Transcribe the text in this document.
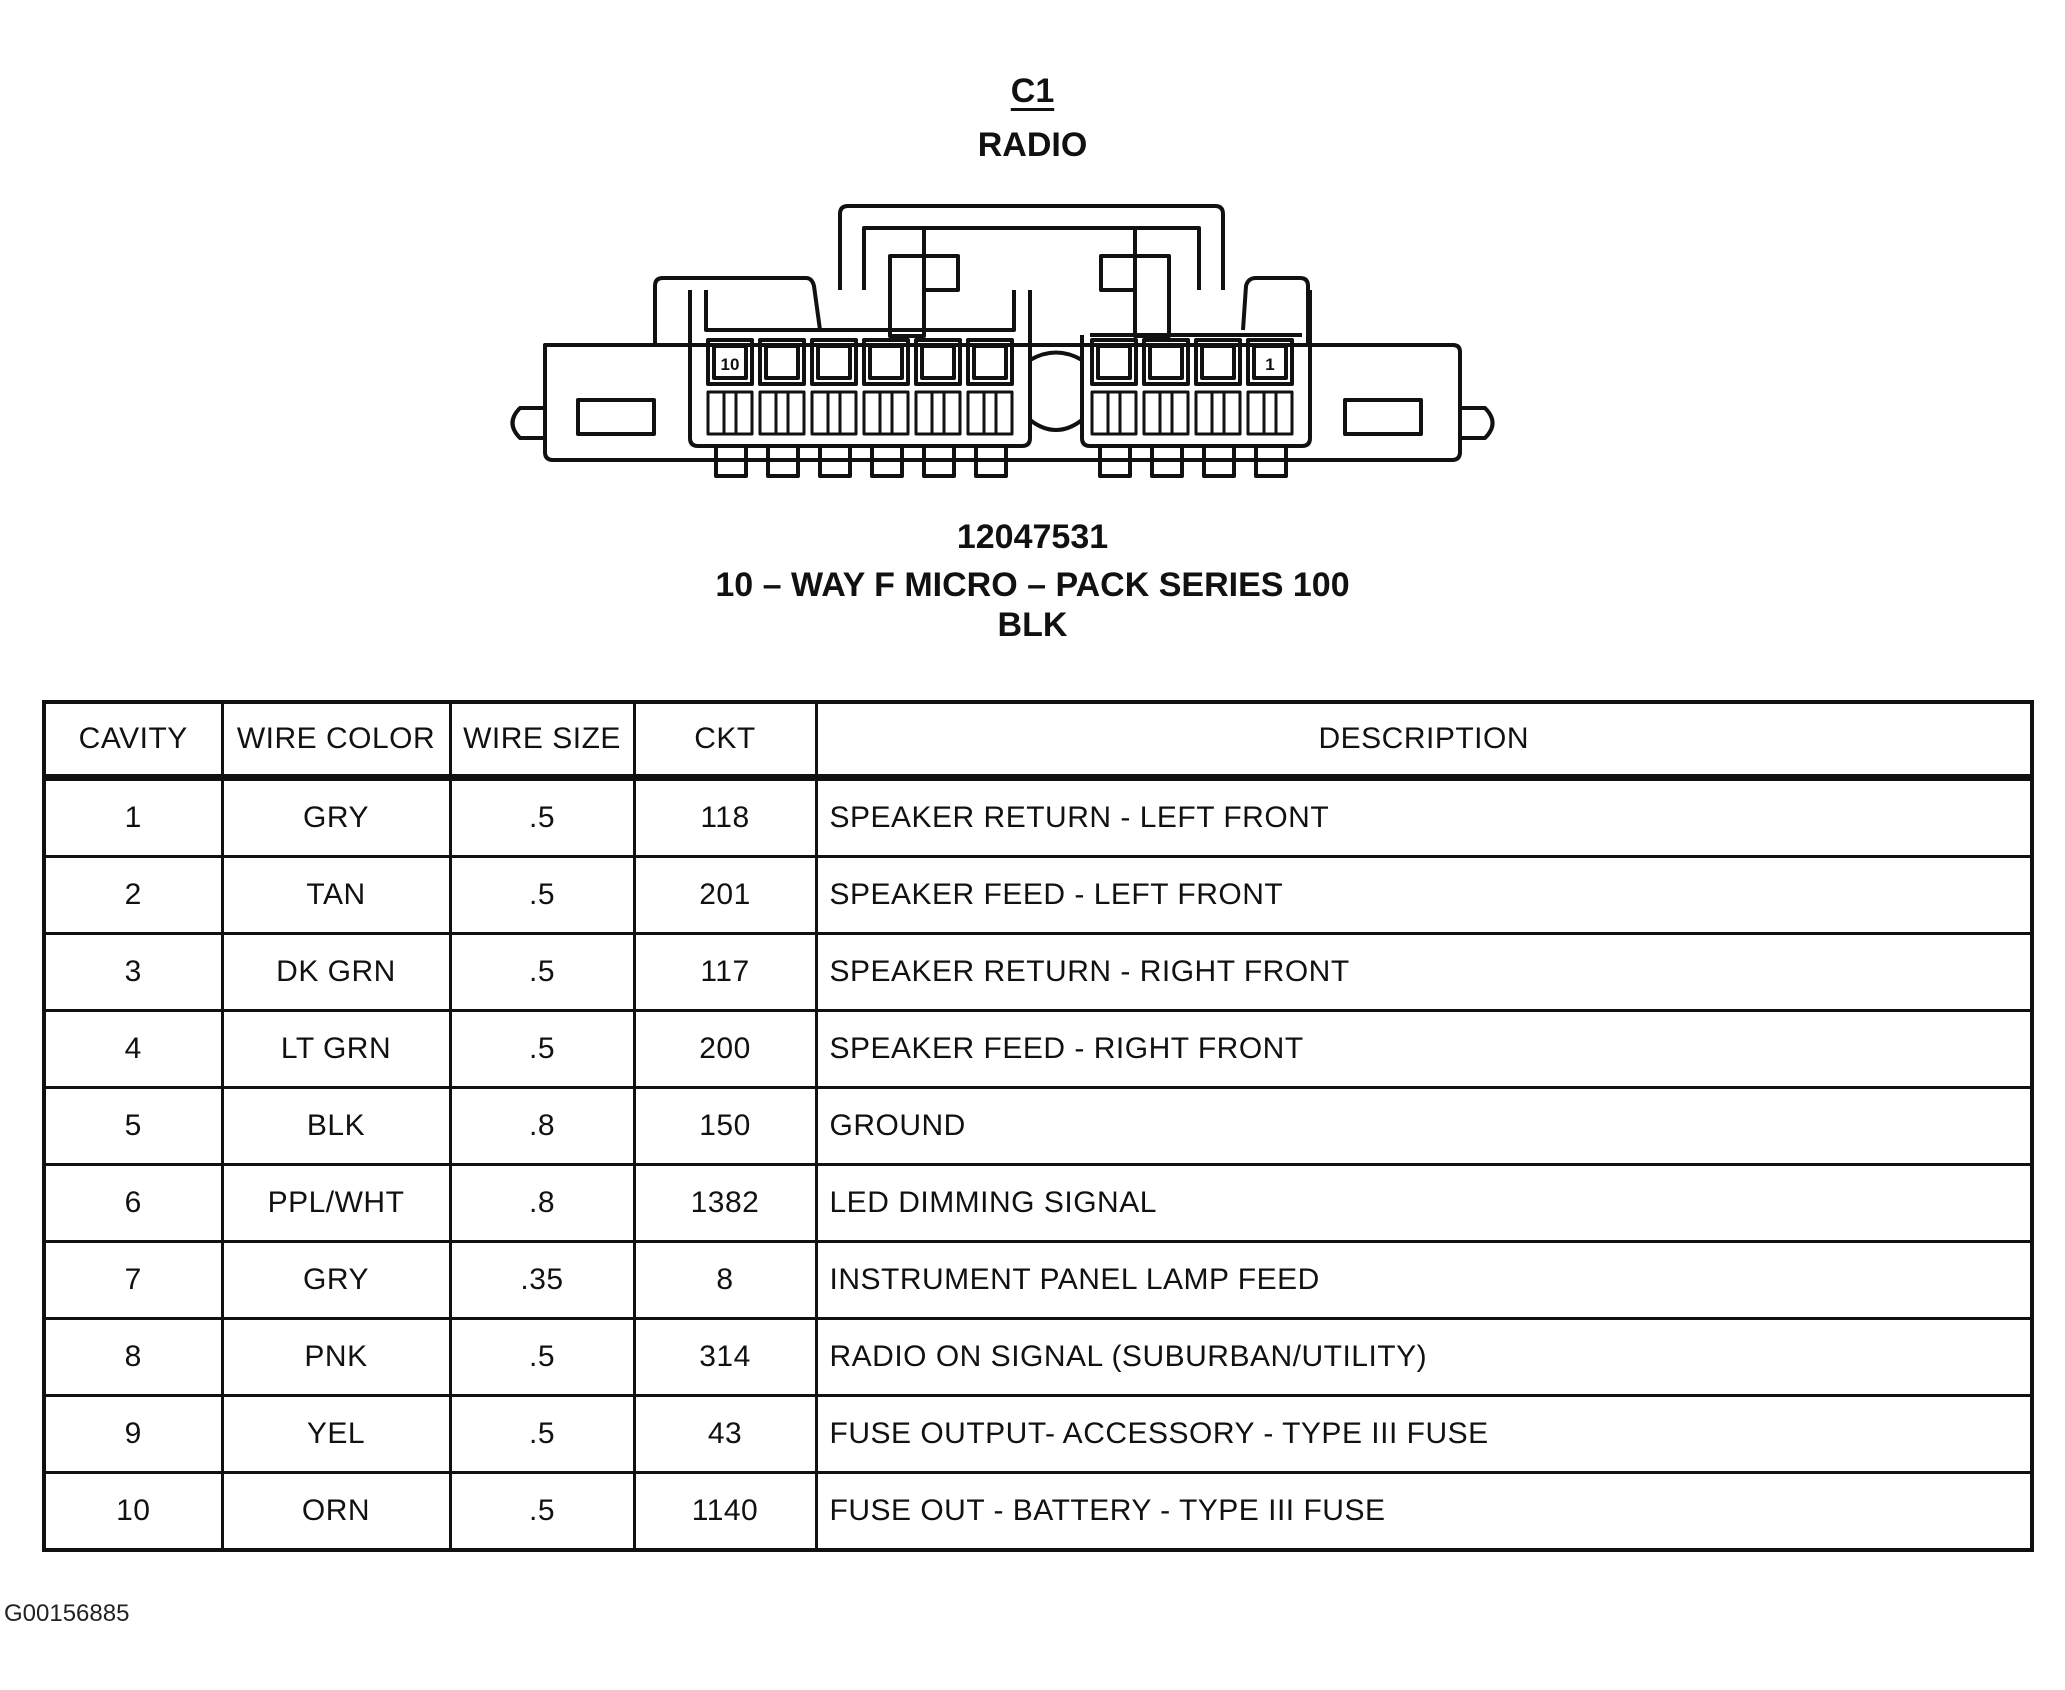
C1
RADIO
10	1
12047531
10 – WAY F MICRO – PACK SERIES 100
BLK
CAVITY	WIRE COLOR	WIRE SIZE	CKT	DESCRIPTION
1	GRY	.5	118	SPEAKER RETURN - LEFT FRONT
2	TAN	.5	201	SPEAKER FEED - LEFT FRONT
3	DK GRN	.5	117	SPEAKER RETURN - RIGHT FRONT
4	LT GRN	.5	200	SPEAKER FEED - RIGHT FRONT
5	BLK	.8	150	GROUND
6	PPL/WHT	.8	1382	LED DIMMING SIGNAL
7	GRY	.35	8	INSTRUMENT PANEL LAMP FEED
8	PNK	.5	314	RADIO ON SIGNAL (SUBURBAN/UTILITY)
9	YEL	.5	43	FUSE OUTPUT- ACCESSORY - TYPE III FUSE
10	ORN	.5	1140	FUSE OUT - BATTERY - TYPE III FUSE
G00156885
